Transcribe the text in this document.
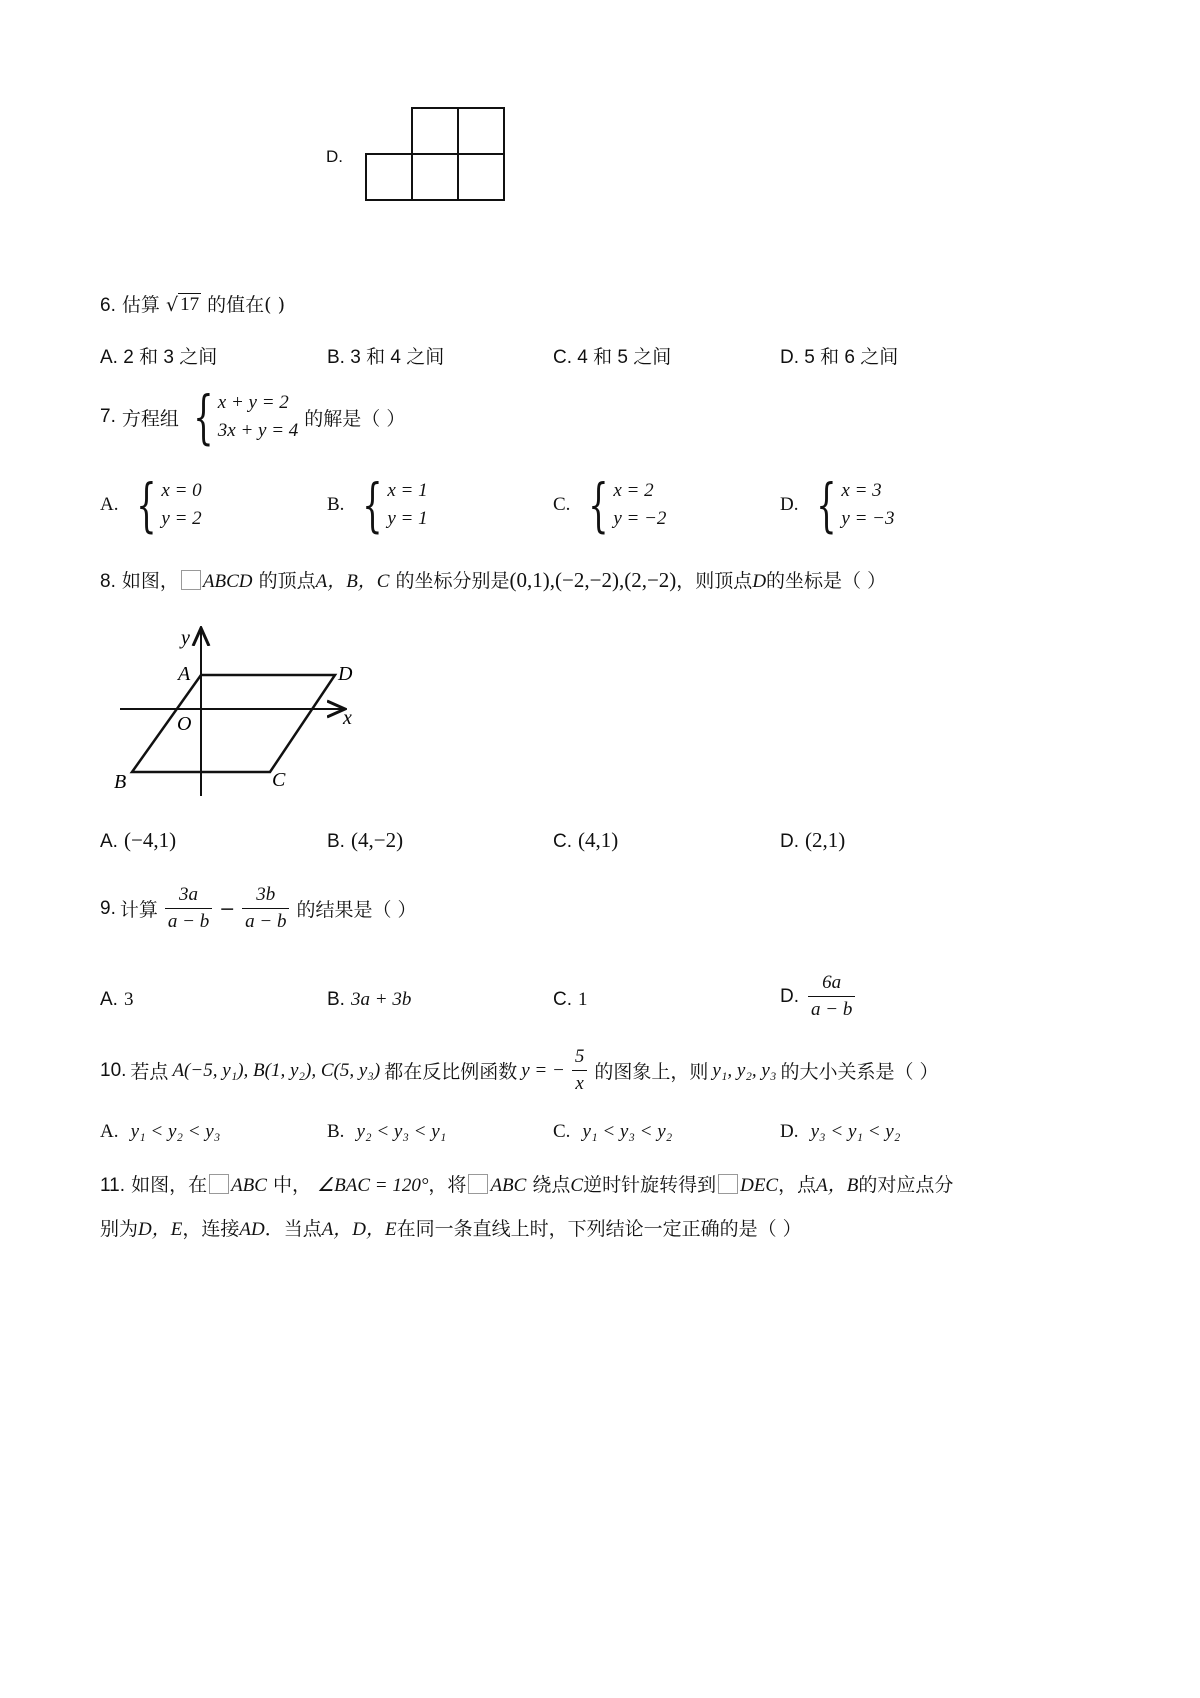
D.
6. 估算 √ 17 的值在( )
A. 2 和 3 之间	B. 3 和 4 之间	C. 4 和 5 之间	D. 5 和 6 之间
7. 方程组 { x + y = 2
3x + y = 4
的解是（ ）
A. { x = 0
y = 2
B. { x = 1
y = 1
C. { x = 2
y = −2
D. { x = 3
y = −3
8. 如图， ABCD 的顶点A，B，C 的坐标分别是(0,1),(−2,−2),(2,−2)，则顶点D的坐标是（ ）
y
x
O
A
B	C
D
A. (−4,1)	B. (4,−2)	C. (4,1)	D. (2,1)
9. 计算 $\frac{3a}{a - b} - \frac{3b}{a - b}$ 的结果是（ ）
A. 3	B. 3a + 3b	C. 1	D. $\frac{6a}{a - b}$
10. 若点 A(−5, y₁), B(1, y₂), C(5, y₃) 都在反比例函数 y = − $\frac{5}{x}$ 的图象上，则 y₁, y₂, y₃ 的大小关系是（ ）
A. y₁ < y₂ < y₃	B. y₂ < y₃ < y₁	C. y₁ < y₃ < y₂	D. y₃ < y₁ < y₂
11. 如图，在 ABC 中， ∠BAC = 120°，将 ABC 绕点C逆时针旋转得到 DEC，点A，B的对应点分
别为D，E，连接AD．当点A，D，E在同一条直线上时，下列结论一定正确的是（ ）
